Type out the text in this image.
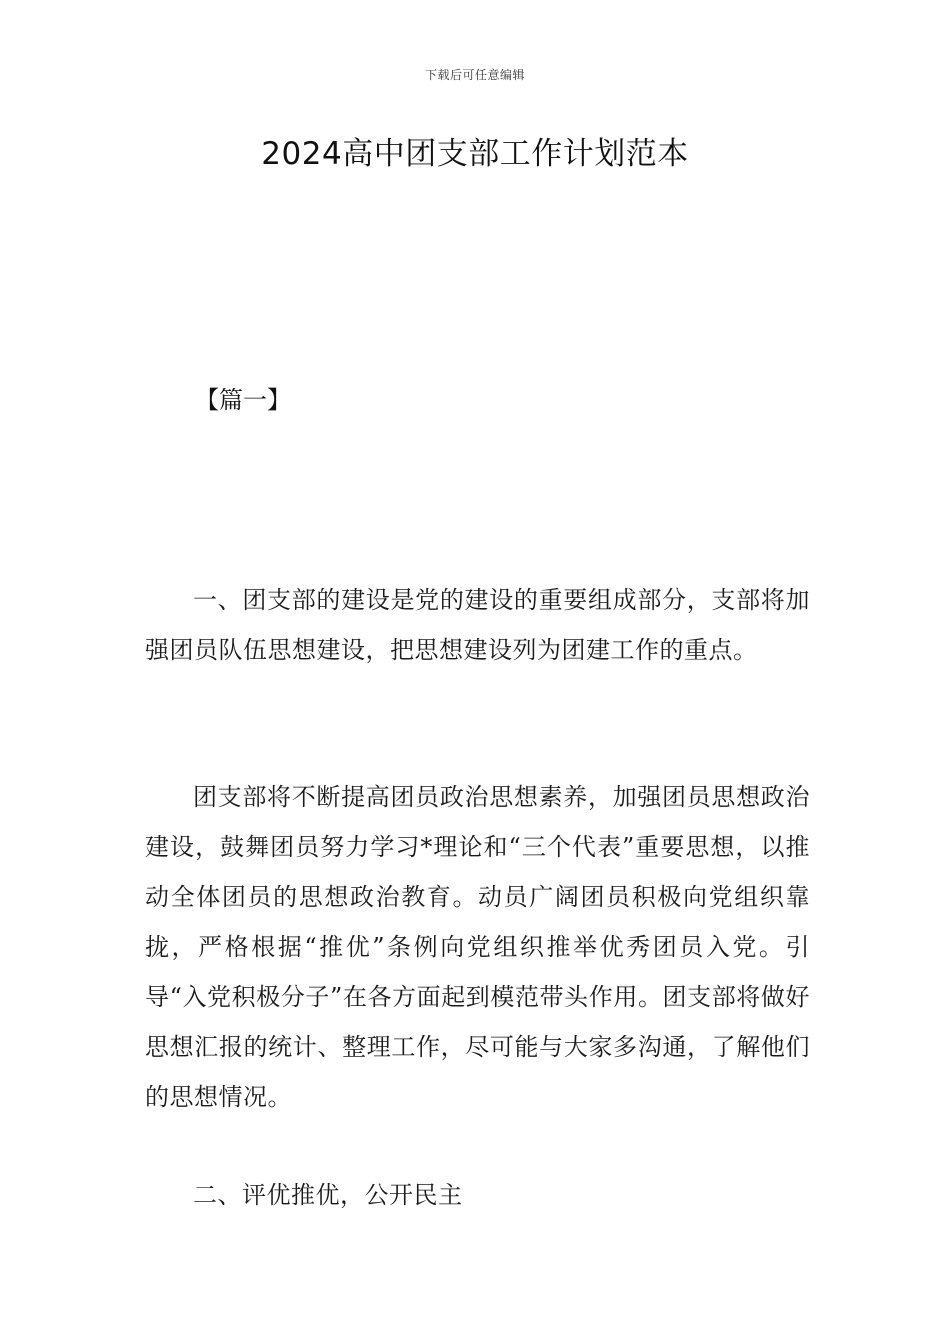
下载后可任意编辑
2024高中团支部工作计划范本
【篇一】

一、团支部的建设是党的建设的重要组成部分，支部将加强团员队伍思想建设，把思想建设列为团建工作的重点。

团支部将不断提高团员政治思想素养，加强团员思想政治建设，鼓舞团员努力学习*理论和“三个代表”重要思想，以推动全体团员的思想政治教育。动员广阔团员积极向党组织靠拢，严格根据“推优”条例向党组织推举优秀团员入党。引导“入党积极分子”在各方面起到模范带头作用。团支部将做好思想汇报的统计、整理工作，尽可能与大家多沟通，了解他们的思想情况。

二、评优推优，公开民主
